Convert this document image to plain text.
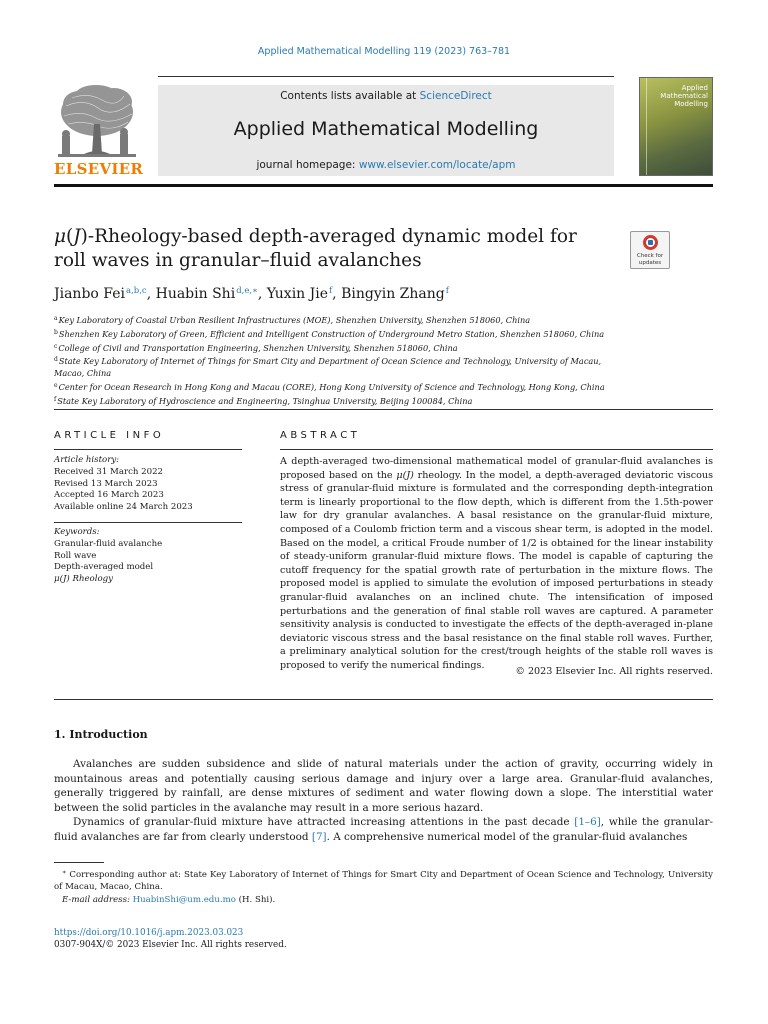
Applied Mathematical Modelling 119 (2023) 763–781
ELSEVIER
Contents lists available at ScienceDirect
Applied Mathematical Modelling
journal homepage: www.elsevier.com/locate/apm
Applied
Mathematical
Modelling
μ(J)-Rheology-based depth-averaged dynamic model for roll waves in granular–fluid avalanches	Check for
updates
Jianbo Fei$^{a,b,c}$, Huabin Shi$^{d,e,∗}$, Yuxin Jie$^f$, Bingyin Zhang$^f$
$^a$Key Laboratory of Coastal Urban Resilient Infrastructures (MOE), Shenzhen University, Shenzhen 518060, China
$^b$Shenzhen Key Laboratory of Green, Efficient and Intelligent Construction of Underground Metro Station, Shenzhen 518060, China
$^c$College of Civil and Transportation Engineering, Shenzhen University, Shenzhen 518060, China
$^d$State Key Laboratory of Internet of Things for Smart City and Department of Ocean Science and Technology, University of Macau, Macao, China
$^e$Center for Ocean Research in Hong Kong and Macau (CORE), Hong Kong University of Science and Technology, Hong Kong, China
$^f$State Key Laboratory of Hydroscience and Engineering, Tsinghua University, Beijing 100084, China
ARTICLE INFO	ABSTRACT
Article history:
Received 31 March 2022
Revised 13 March 2023
Accepted 16 March 2023
Available online 24 March 2023
Keywords:
Granular-fluid avalanche
Roll wave
Depth-averaged model
μ(J) Rheology
A depth-averaged two-dimensional mathematical model of granular-fluid avalanches is proposed based on the μ(J) rheology. In the model, a depth-averaged deviatoric viscous stress of granular-fluid mixture is formulated and the corresponding depth-integration term is linearly proportional to the flow depth, which is different from the 1.5th-power law for dry granular avalanches. A basal resistance on the granular-fluid mixture, composed of a Coulomb friction term and a viscous shear term, is adopted in the model. Based on the model, a critical Froude number of 1/2 is obtained for the linear instability of steady-uniform granular-fluid mixture flows. The model is capable of capturing the cutoff frequency for the spatial growth rate of perturbation in the mixture flows. The proposed model is applied to simulate the evolution of imposed perturbations in steady granular-fluid avalanches on an inclined chute. The intensification of imposed perturbations and the generation of final stable roll waves are captured. A parameter sensitivity analysis is conducted to investigate the effects of the depth-averaged in-plane deviatoric viscous stress and the basal resistance on the final stable roll waves. Further, a preliminary analytical solution for the crest/trough heights of the stable roll waves is proposed to verify the numerical findings.
© 2023 Elsevier Inc. All rights reserved.
1. Introduction

Avalanches are sudden subsidence and slide of natural materials under the action of gravity, occurring widely in mountainous areas and potentially causing serious damage and injury over a large area. Granular-fluid avalanches, generally triggered by rainfall, are dense mixtures of sediment and water flowing down a slope. The interstitial water between the solid particles in the avalanche may result in a more serious hazard.

Dynamics of granular-fluid mixture have attracted increasing attentions in the past decade [1–6], while the granular-fluid avalanches are far from clearly understood [7]. A comprehensive numerical model of the granular-fluid avalanches

∗ Corresponding author at: State Key Laboratory of Internet of Things for Smart City and Department of Ocean Science and Technology, University of Macau, Macao, China.

E-mail address: HuabinShi@um.edu.mo (H. Shi).

https://doi.org/10.1016/j.apm.2023.03.023
0307-904X/© 2023 Elsevier Inc. All rights reserved.
